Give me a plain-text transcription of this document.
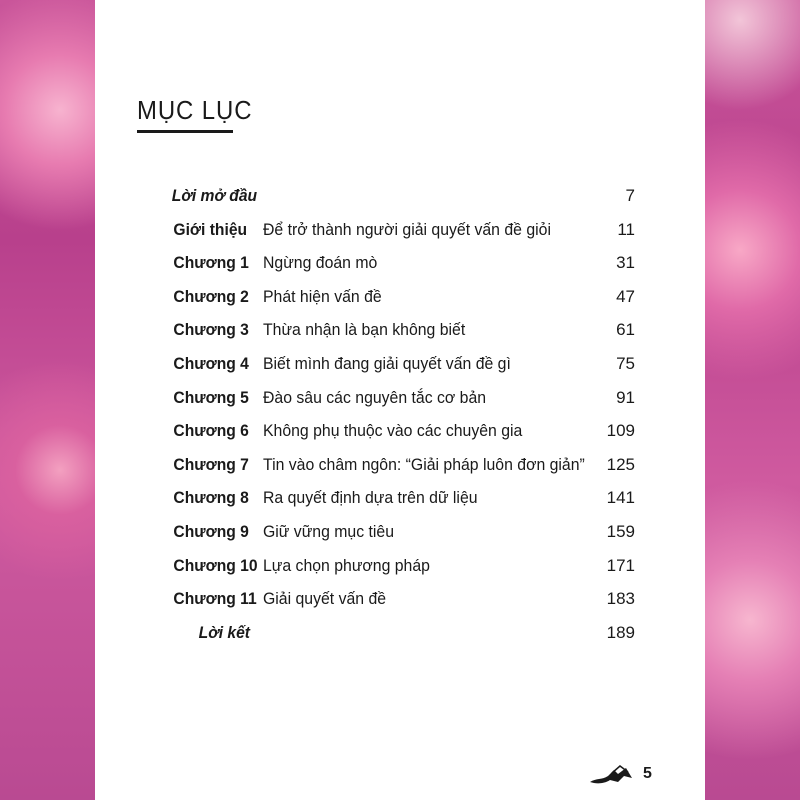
MỤC LỤC
Lời mở đầu	7
Giới thiệu Để trở thành người giải quyết vấn đề giỏi	11
Chương 1 Ngừng đoán mò	31
Chương 2 Phát hiện vấn đề	47
Chương 3 Thừa nhận là bạn không biết	61
Chương 4 Biết mình đang giải quyết vấn đề gì	75
Chương 5 Đào sâu các nguyên tắc cơ bản	91
Chương 6 Không phụ thuộc vào các chuyên gia	109
Chương 7 Tin vào châm ngôn: “Giải pháp luôn đơn giản” 125
Chương 8 Ra quyết định dựa trên dữ liệu	141
Chương 9 Giữ vững mục tiêu	159
Chương 10 Lựa chọn phương pháp	171
Chương 11 Giải quyết vấn đề	183
Lời kết	189
5
